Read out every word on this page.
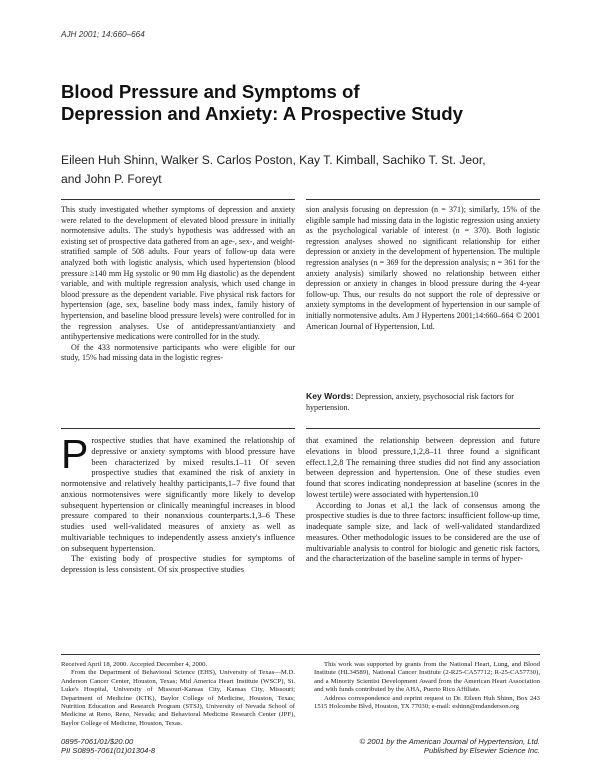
AJH 2001; 14:660–664
Blood Pressure and Symptoms of
Depression and Anxiety: A Prospective Study
Eileen Huh Shinn, Walker S. Carlos Poston, Kay T. Kimball, Sachiko T. St. Jeor,
and John P. Foreyt

This study investigated whether symptoms of depression and anxiety were related to the development of elevated blood pressure in initially normotensive adults. The study's hypothesis was addressed with an existing set of prospective data gathered from an age-, sex-, and weight-stratified sample of 508 adults. Four years of follow-up data were analyzed both with logistic analysis, which used hypertension (blood pressure ≥140 mm Hg systolic or 90 mm Hg diastolic) as the dependent variable, and with multiple regression analysis, which used change in blood pressure as the dependent variable. Five physical risk factors for hypertension (age, sex, baseline body mass index, family history of hypertension, and baseline blood pressure levels) were controlled for in the regression analyses. Use of antidepressant/antianxiety and antihypertensive medications were controlled for in the study.

Of the 433 normotensive participants who were eligible for our study, 15% had missing data in the logistic regres-

sion analysis focusing on depression (n = 371); similarly, 15% of the eligible sample had missing data in the logistic regression using anxiety as the psychological variable of interest (n = 370). Both logistic regression analyses showed no significant relationship for either depression or anxiety in the development of hypertension. The multiple regression analyses (n = 369 for the depression analysis; n = 361 for the anxiety analysis) similarly showed no relationship between either depression or anxiety in changes in blood pressure during the 4-year follow-up. Thus, our results do not support the role of depressive or anxiety symptoms in the development of hypertension in our sample of initially normotensive adults. Am J Hypertens 2001;14:660–664 © 2001 American Journal of Hypertension, Ltd.

Key Words: Depression, anxiety, psychosocial risk factors for hypertension.

Prospective studies that have examined the relationship of depressive or anxiety symptoms with blood pressure have been characterized by mixed results.1–11 Of seven prospective studies that examined the risk of anxiety in normotensive and relatively healthy participants,1–7 five found that anxious normotensives were significantly more likely to develop subsequent hypertension or clinically meaningful increases in blood pressure compared to their nonanxious counterparts.1,3–6 These studies used well-validated measures of anxiety as well as multivariable techniques to independently assess anxiety's influence on subsequent hypertension.

The existing body of prospective studies for symptoms of depression is less consistent. Of six prospective studies

that examined the relationship between depression and future elevations in blood pressure,1,2,8–11 three found a significant effect.1,2,8 The remaining three studies did not find any association between depression and hypertension. One of these studies even found that scores indicating nondepression at baseline (scores in the lowest tertile) were associated with hypertension.10

According to Jonas et al,1 the lack of consensus among the prospective studies is due to three factors: insufficient follow-up time, inadequate sample size, and lack of well-validated standardized measures. Other methodologic issues to be considered are the use of multivariable analysis to control for biologic and genetic risk factors, and the characterization of the baseline sample in terms of hyper-

Received April 18, 2000. Accepted December 4, 2000.

From the Department of Behavioral Science (EHS), University of Texas—M.D. Anderson Cancer Center, Houston, Texas; Mid America Heart Institute (WSCP), St. Luke's Hospital, University of Missouri-Kansas City, Kansas City, Missouri; Department of Medicine (KTK), Baylor College of Medicine, Houston, Texas; Nutrition Education and Research Program (STSJ), University of Nevada School of Medicine at Reno, Reno, Nevada; and Behavioral Medicine Research Center (JPF), Baylor College of Medicine, Houston, Texas.

This work was supported by grants from the National Heart, Lung, and Blood Institute (HL34589), National Cancer Institute (2-R25-CA57712; R-25-CA57730), and a Minority Scientist Development Award from the American Heart Association and with funds contributed by the AHA, Puerto Rico Affiliate.

Address correspondence and reprint request to Dr. Eileen Huh Shinn, Box 243 1515 Holcombe Blvd, Houston, TX 77030; e-mail: eshinn@mdanderson.org

0895-7061/01/$20.00
PII S0895-7061(01)01304-8
© 2001 by the American Journal of Hypertension, Ltd.
Published by Elsevier Science Inc.
